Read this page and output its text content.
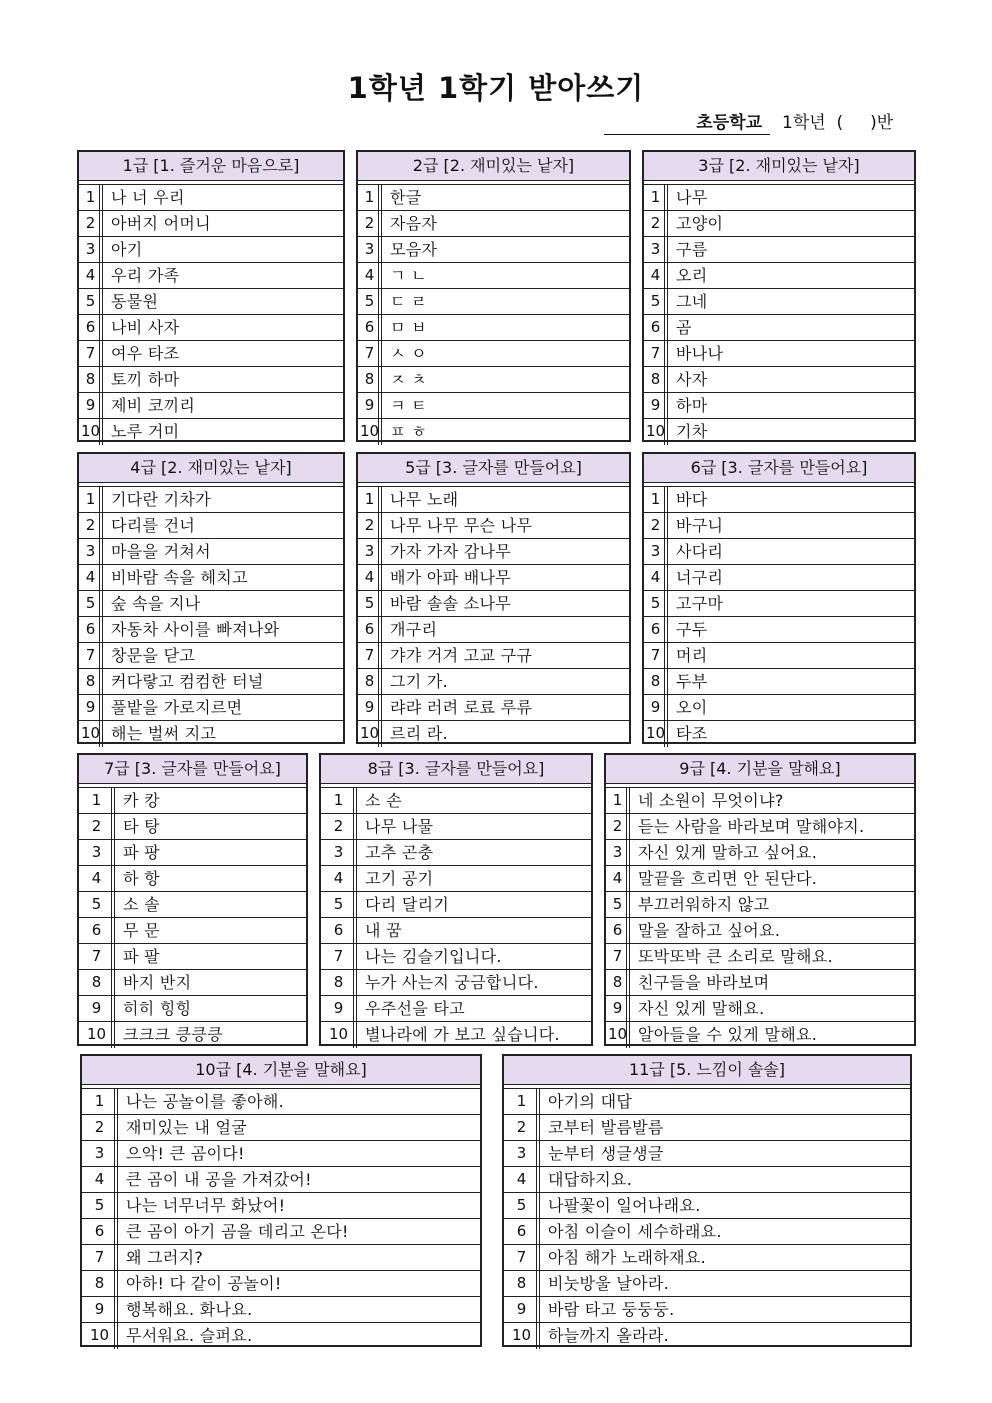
1학년 1학기 받아쓰기
초등학교	1학년  (     )반
1급 [1. 즐거운 마음으로]
1 나 너 우리
2 아버지 어머니
3 아기
4 우리 가족
5 동물원
6 나비 사자
7 여우 타조
8 토끼 하마
9 제비 코끼리
10 노루 거미
2급 [2. 재미있는 낱자]
1 한글
2 자음자
3 모음자
4 ㄱ ㄴ
5 ㄷ ㄹ
6 ㅁ ㅂ
7 ㅅ ㅇ
8 ㅈ ㅊ
9 ㅋ ㅌ
10 ㅍ ㅎ
3급 [2. 재미있는 낱자]
1 나무
2 고양이
3 구름
4 오리
5 그네
6 곰
7 바나나
8 사자
9 하마
10 기차
4급 [2. 재미있는 낱자]
1 기다란 기차가
2 다리를 건너
3 마을을 거쳐서
4 비바람 속을 헤치고
5 숲 속을 지나
6 자동차 사이를 빠져나와
7 창문을 닫고
8 커다랗고 컴컴한 터널
9 풀밭을 가로지르면
10 해는 벌써 지고
5급 [3. 글자를 만들어요]
1 나무 노래
2 나무 나무 무슨 나무
3 가자 가자 감나무
4 배가 아파 배나무
5 바람 솔솔 소나무
6 개구리
7 갸갸 거겨 고교 구규
8 그기 가.
9 랴랴 러려 로료 루류
10 르리 라.
6급 [3. 글자를 만들어요]
1 바다
2 바구니
3 사다리
4 너구리
5 고구마
6 구두
7 머리
8 두부
9 오이
10 타조
7급 [3. 글자를 만들어요]
1	카 캉
2	타 탕
3	파 팡
4	하 항
5	소 솔
6	무 문
7	파 팔
8	바지 반지
9	히히 힝힝
10	크크크 킁킁킁
8급 [3. 글자를 만들어요]
1	소 손
2	나무 나물
3	고추 곤충
4	고기 공기
5	다리 달리기
6	내 꿈
7	나는 김슬기입니다.
8	누가 사는지 궁금합니다.
9	우주선을 타고
10	별나라에 가 보고 싶습니다.
9급 [4. 기분을 말해요]
1 네 소원이 무엇이냐?
2 듣는 사람을 바라보며 말해야지.
3 자신 있게 말하고 싶어요.
4 말끝을 흐리면 안 된단다.
5 부끄러워하지 않고
6 말을 잘하고 싶어요.
7 또박또박 큰 소리로 말해요.
8 친구들을 바라보며
9 자신 있게 말해요.
10 알아들을 수 있게 말해요.
10급 [4. 기분을 말해요]
1	나는 공놀이를 좋아해.
2	재미있는 내 얼굴
3	으악! 큰 곰이다!
4	큰 곰이 내 공을 가져갔어!
5	나는 너무너무 화났어!
6	큰 곰이 아기 곰을 데리고 온다!
7	왜 그러지?
8	아하! 다 같이 공놀이!
9	행복해요. 화나요.
10	무서워요. 슬퍼요.
11급 [5. 느낌이 솔솔]
1	아기의 대답
2	코부터 발름발름
3	눈부터 생글생글
4	대답하지요.
5	나팔꽃이 일어나래요.
6	아침 이슬이 세수하래요.
7	아침 해가 노래하재요.
8	비눗방울 날아라.
9	바람 타고 둥둥둥.
10	하늘까지 올라라.
